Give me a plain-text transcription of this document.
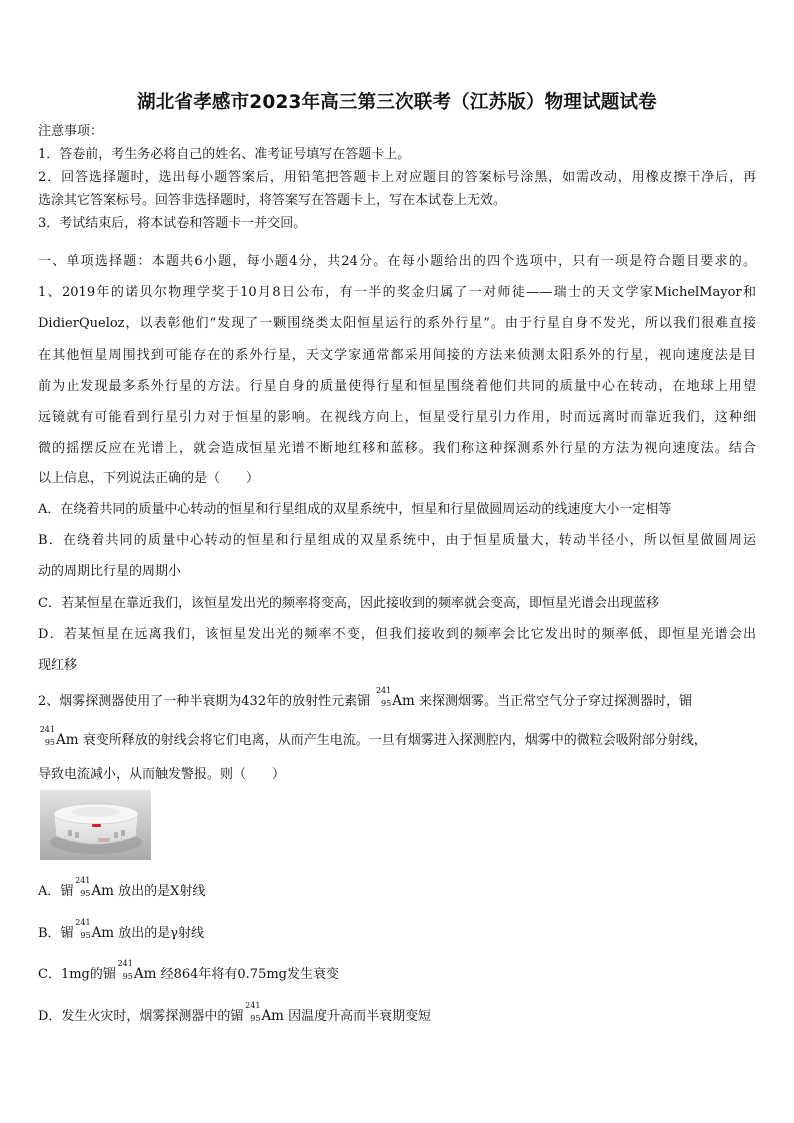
湖北省孝感市2023年高三第三次联考（江苏版）物理试题试卷
注意事项：
1．答卷前，考生务必将自己的姓名、准考证号填写在答题卡上。
2．回答选择题时，选出每小题答案后，用铅笔把答题卡上对应题目的答案标号涂黑，如需改动，用橡皮擦干净后，再
选涂其它答案标号。回答非选择题时，将答案写在答题卡上，写在本试卷上无效。
3．考试结束后，将本试卷和答题卡一并交回。
一、单项选择题：本题共6小题，每小题4分，共24分。在每小题给出的四个选项中，只有一项是符合题目要求的。
1、2019年的诺贝尔物理学奖于10月8日公布，有一半的奖金归属了一对师徒——瑞士的天文学家MichelMayor和
DidierQueloz，以表彰他们“发现了一颗围绕类太阳恒星运行的系外行星”。由于行星自身不发光，所以我们很难直接
在其他恒星周围找到可能存在的系外行星，天文学家通常都采用间接的方法来侦测太阳系外的行星，视向速度法是目
前为止发现最多系外行星的方法。行星自身的质量使得行星和恒星围绕着他们共同的质量中心在转动，在地球上用望
远镜就有可能看到行星引力对于恒星的影响。在视线方向上，恒星受行星引力作用，时而远离时而靠近我们，这种细
微的摇摆反应在光谱上，就会造成恒星光谱不断地红移和蓝移。我们称这种探测系外行星的方法为视向速度法。结合
以上信息，下列说法正确的是（　　）
A．在绕着共同的质量中心转动的恒星和行星组成的双星系统中，恒星和行星做圆周运动的线速度大小一定相等
B．在绕着共同的质量中心转动的恒星和行星组成的双星系统中，由于恒星质量大，转动半径小，所以恒星做圆周运
动的周期比行星的周期小
C．若某恒星在靠近我们，该恒星发出光的频率将变高，因此接收到的频率就会变高，即恒星光谱会出现蓝移
D．若某恒星在远离我们，该恒星发出光的频率不变，但我们接收到的频率会比它发出时的频率低，即恒星光谱会出
现红移
2、烟雾探测器使用了一种半衰期为432年的放射性元素镅
241
95 Am 来探测烟雾。当正常空气分子穿过探测器时，镅
241
95 Am 衰变所释放的射线会将它们电离，从而产生电流。一旦有烟雾进入探测腔内，烟雾中的微粒会吸附部分射线，
导致电流减小，从而触发警报。则（　　）
A．镅
241
95 Am 放出的是X射线
B．镅
241
95 Am 放出的是γ射线
C．1mg的镅
241
95 Am 经864年将有0.75mg发生衰变
D．发生火灾时，烟雾探测器中的镅
241
95 Am 因温度升高而半衰期变短
